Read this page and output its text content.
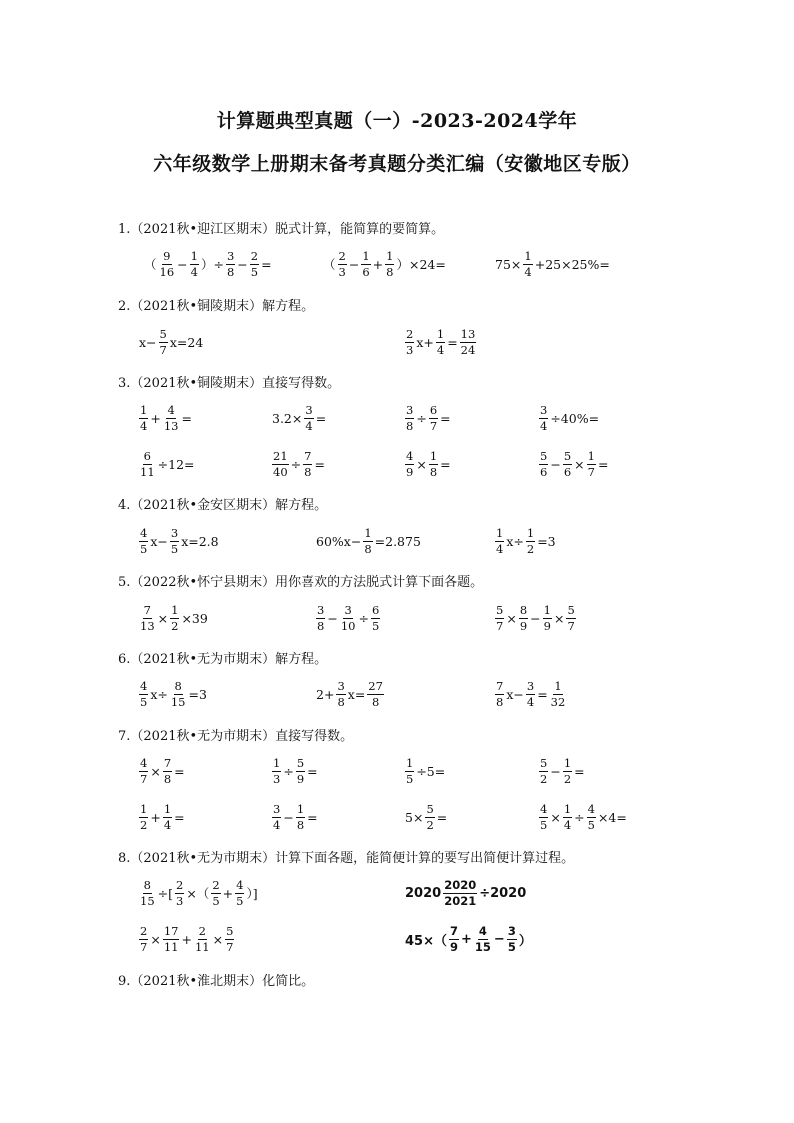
计算题典型真题（一）-2023-2024学年
六年级数学上册期末备考真题分类汇编（安徽地区专版）
1.（2021秋•迎江区期末）脱式计算，能简算的要简算。
（ $\frac{9}{16} - \frac{1}{4}$ ）÷ $\frac{3}{8} - \frac{2}{5}$ =	（ $\frac{2}{3} - \frac{1}{6} + \frac{1}{8} )\times 24=$	$75\times \frac{1}{4} +25\times 25\%=$
2.（2021秋•铜陵期末）解方程。
$x- \frac{5}{7} x=24$	$\frac{2}{3} x+ \frac{1}{4} = \frac{13}{24}$
3.（2021秋•铜陵期末）直接写得数。
$\frac{1}{4} + \frac{4}{13}$ =	$3.2\times \frac{3}{4}$ =	$\frac{3}{8} \div \frac{6}{7}$ =	$\frac{3}{4} \div 40\%=$
$\frac{6}{11} \div 12=$	$\frac{21}{40} \div \frac{7}{8}$ =	$\frac{4}{9} \times \frac{1}{8}$ =	$\frac{5}{6} - \frac{5}{6} \times \frac{1}{7}$ =
4.（2021秋•金安区期末）解方程。
$\frac{4}{5} x- \frac{3}{5} x=2.8$	$60\%x- \frac{1}{8} =2.875$	$\frac{1}{4} x\div \frac{1}{2} =3$
5.（2022秋•怀宁县期末）用你喜欢的方法脱式计算下面各题。
$\frac{7}{13} \times \frac{1}{2} \times 39$	$\frac{3}{8} - \frac{3}{10} \div \frac{6}{5}$	$\frac{5}{7} \times \frac{8}{9} - \frac{1}{9} \times \frac{5}{7}$
6.（2021秋•无为市期末）解方程。
$\frac{4}{5} x\div \frac{8}{15} =3$	$2+ \frac{3}{8} x= \frac{27}{8}$	$\frac{7}{8} x- \frac{3}{4} = \frac{1}{32}$
7.（2021秋•无为市期末）直接写得数。
$\frac{4}{7} \times \frac{7}{8}$ =	$\frac{1}{3} \div \frac{5}{9}$ =	$\frac{1}{5} \div 5=$	$\frac{5}{2} - \frac{1}{2}$ =
$\frac{1}{2} + \frac{1}{4}$ =	$\frac{3}{4} - \frac{1}{8}$ =	$5\times \frac{5}{2}$ =	$\frac{4}{5} \times \frac{1}{4} \div \frac{4}{5} \times 4=$
8.（2021秋•无为市期末）计算下面各题，能简便计算的要写出简便计算过程。
$\frac{8}{15}$ ÷[ $\frac{2}{3}$ ×（ $\frac{2}{5} + \frac{4}{5}$ ）]	$2020 \frac{2020}{2021} \div 2020$
$\frac{2}{7} \times \frac{17}{11} + \frac{2}{11} \times \frac{5}{7}$	$45\times( \frac{7}{9} + \frac{4}{15} - \frac{3}{5}$ ）
9.（2021秋•淮北期末）化简比。
